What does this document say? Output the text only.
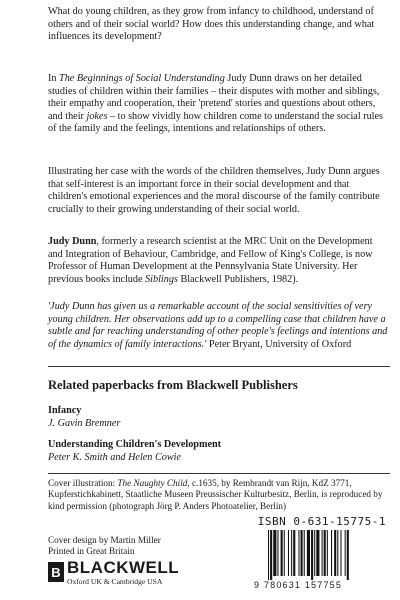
What do young children, as they grow from infancy to childhood, understand of others and of their social world? How does this understanding change, and what influences its development?

In The Beginnings of Social Understanding Judy Dunn draws on her detailed studies of children within their families – their disputes with mother and siblings, their empathy and cooperation, their 'pretend' stories and questions about others, and their jokes – to show vividly how children come to understand the social rules of the family and the feelings, intentions and relationships of others.

Illustrating her case with the words of the children themselves, Judy Dunn argues that self-interest is an important force in their social development and that children's emotional experiences and the moral discourse of the family contribute crucially to their growing understanding of their social world.

Judy Dunn, formerly a research scientist at the MRC Unit on the Development and Integration of Behaviour, Cambridge, and Fellow of King's College, is now Professor of Human Development at the Pennsylvania State University. Her previous books include Siblings Blackwell Publishers, 1982).

'Judy Dunn has given us a remarkable account of the social sensitivities of very young children. Her observations add up to a compelling case that children have a subtle and far reaching understanding of other people's feelings and intentions and of the dynamics of family interactions.' Peter Bryant, University of Oxford

Related paperbacks from Blackwell Publishers

Infancy

J. Gavin Bremner

Understanding Children's Development

Peter K. Smith and Helen Cowie

Cover illustration: The Naughty Child, c.1635, by Rembrandt van Rijn, KdZ 3771, Kupferstichkabinett, Staatliche Museen Preussischer Kulturbesitz, Berlin, is reproduced by kind permission (photograph Jörg P. Anders Photoatelier, Berlin)

ISBN 0-631-15775-1

Cover design by Martin Miller

Printed in Great Britain

B BLACKWELL
Oxford UK & Cambridge USA	9 780631 157755
